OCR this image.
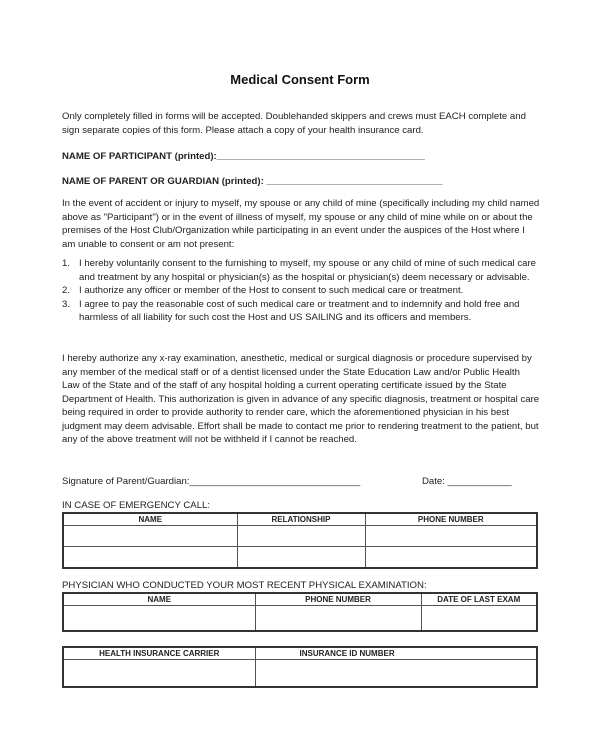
Medical Consent Form

Only completely filled in forms will be accepted. Doublehanded skippers and crews must EACH complete and sign separate copies of this form. Please attach a copy of your health insurance card.

NAME OF PARTICIPANT (printed):_______________________________________
NAME OF PARENT OR GUARDIAN (printed): _________________________________

In the event of accident or injury to myself, my spouse or any child of mine (specifically including my child named above as "Participant") or in the event of illness of myself, my spouse or any child of mine while on or about the premises of the Host Club/Organization while participating in an event under the auspices of the Host where I am unable to consent or am not present:

1. I hereby voluntarily consent to the furnishing to myself, my spouse or any child of mine of such medical care and treatment by any hospital or physician(s) as the hospital or physician(s) deem necessary or advisable.
2. I authorize any officer or member of the Host to consent to such medical care or treatment.
3. I agree to pay the reasonable cost of such medical care or treatment and to indemnify and hold free and harmless of all liability for such cost the Host and US SAILING and its officers and members.

I hereby authorize any x-ray examination, anesthetic, medical or surgical diagnosis or procedure supervised by any member of the medical staff or of a dentist licensed under the State Education Law and/or Public Health Law of the State and of the staff of any hospital holding a current operating certificate issued by the State Department of Health. This authorization is given in advance of any specific diagnosis, treatment or hospital care being required in order to provide authority to render care, which the aforementioned physician in his best judgment may deem advisable. Effort shall be made to contact me prior to rendering treatment to the patient, but any of the above treatment will not be withheld if I cannot be reached.

Signature of Parent/Guardian:________________________________	Date: ____________
IN CASE OF EMERGENCY CALL:
NAME	RELATIONSHIP	PHONE NUMBER

PHYSICIAN WHO CONDUCTED YOUR MOST RECENT PHYSICAL EXAMINATION:
NAME	PHONE NUMBER	DATE OF LAST EXAM

HEALTH INSURANCE CARRIER	INSURANCE ID NUMBER
